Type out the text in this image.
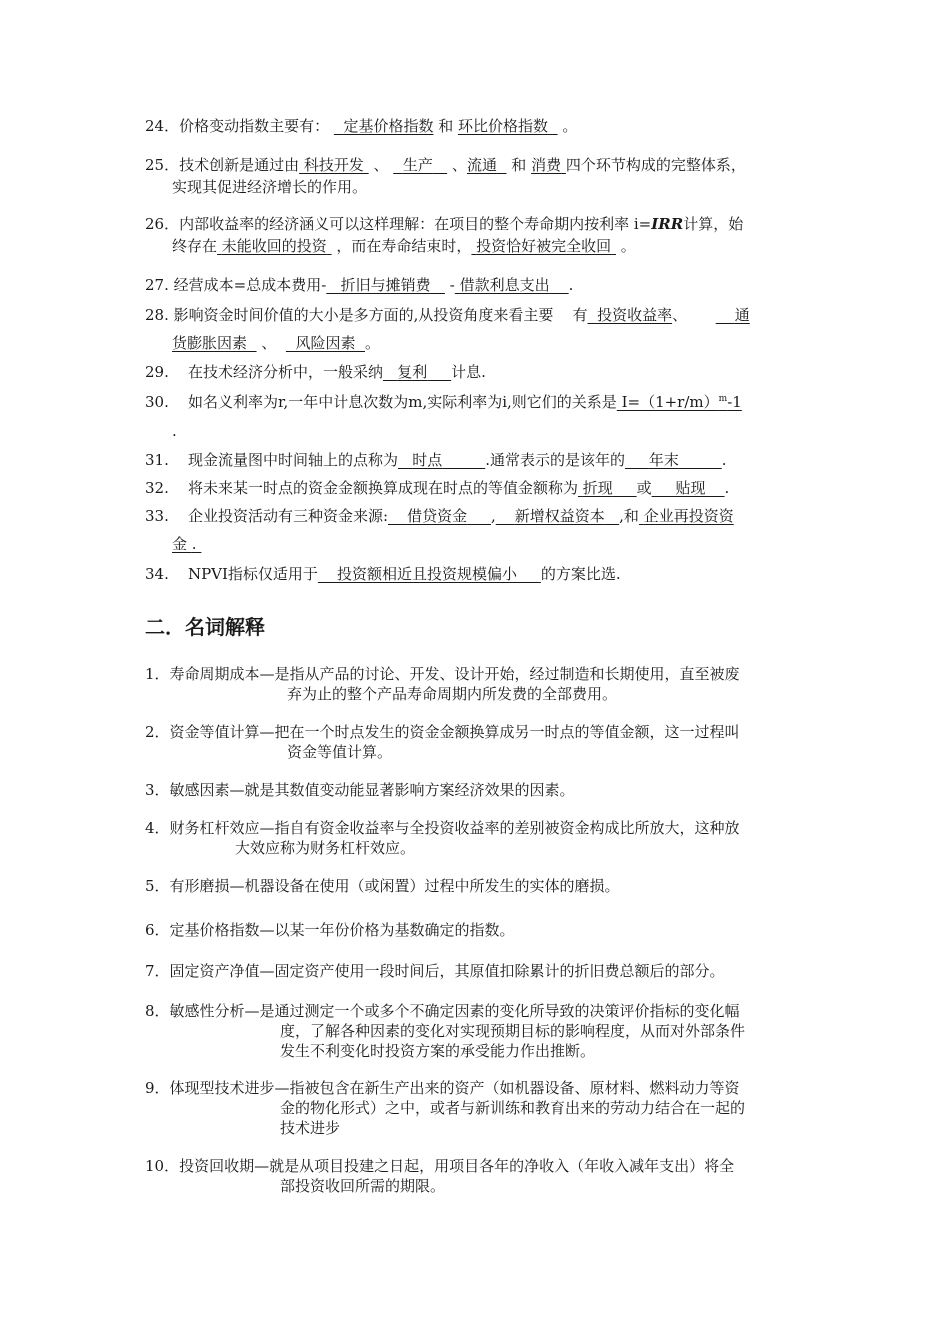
24．价格变动指数主要有： 定基价格指数 和 环比价格指数 。
25．技术创新是通过由 科技开发 、 生产 、流通 和 消费 四个环节构成的完整体系，
实现其促进经济增长的作用。
26．内部收益率的经济涵义可以这样理解：在项目的整个寿命期内按利率 i=IRR计算，始
终存在 未能收回的投资 ，而在寿命结束时， 投资恰好被完全收回 。
27. 经营成本=总成本费用- 折旧与摊销费 - 借款利息支出 .
28. 影响资金时间价值的大小是多方面的,从投资角度来看主要 有 投资收益率、	通
货膨胀因素 、 风险因素 。
29. 在技术经济分析中，一般采纳 复利 计息.
30. 如名义利率为r,一年中计息次数为m,实际利率为i,则它们的关系是 $I=(1+r/m)^m-1$
.
31. 现金流量图中时间轴上的点称为 时点	.通常表示的是该年的 年末	.
32. 将未来某一时点的资金金额换算成现在时点的等值金额称为 折现 或 贴现 .
33. 企业投资活动有三种资金来源: 借贷资金 , 新增权益资本 ,和 企业再投资资
金 .
34. NPVI指标仅适用于 投资额相近且投资规模偏小 的方案比选.
二．名词解释
1．寿命周期成本—是指从产品的讨论、开发、设计开始，经过制造和长期使用，直至被废
弃为止的整个产品寿命周期内所发费的全部费用。
2．资金等值计算—把在一个时点发生的资金金额换算成另一时点的等值金额，这一过程叫
资金等值计算。
3．敏感因素—就是其数值变动能显著影响方案经济效果的因素。
4．财务杠杆效应—指自有资金收益率与全投资收益率的差别被资金构成比所放大，这种放
大效应称为财务杠杆效应。
5．有形磨损—机器设备在使用（或闲置）过程中所发生的实体的磨损。
6．定基价格指数—以某一年份价格为基数确定的指数。
7．固定资产净值—固定资产使用一段时间后，其原值扣除累计的折旧费总额后的部分。
8．敏感性分析—是通过测定一个或多个不确定因素的变化所导致的决策评价指标的变化幅
度，了解各种因素的变化对实现预期目标的影响程度，从而对外部条件
发生不利变化时投资方案的承受能力作出推断。
9．体现型技术进步—指被包含在新生产出来的资产（如机器设备、原材料、燃料动力等资
金的物化形式）之中，或者与新训练和教育出来的劳动力结合在一起的
技术进步
10．投资回收期—就是从项目投建之日起，用项目各年的净收入（年收入减年支出）将全
部投资收回所需的期限。
